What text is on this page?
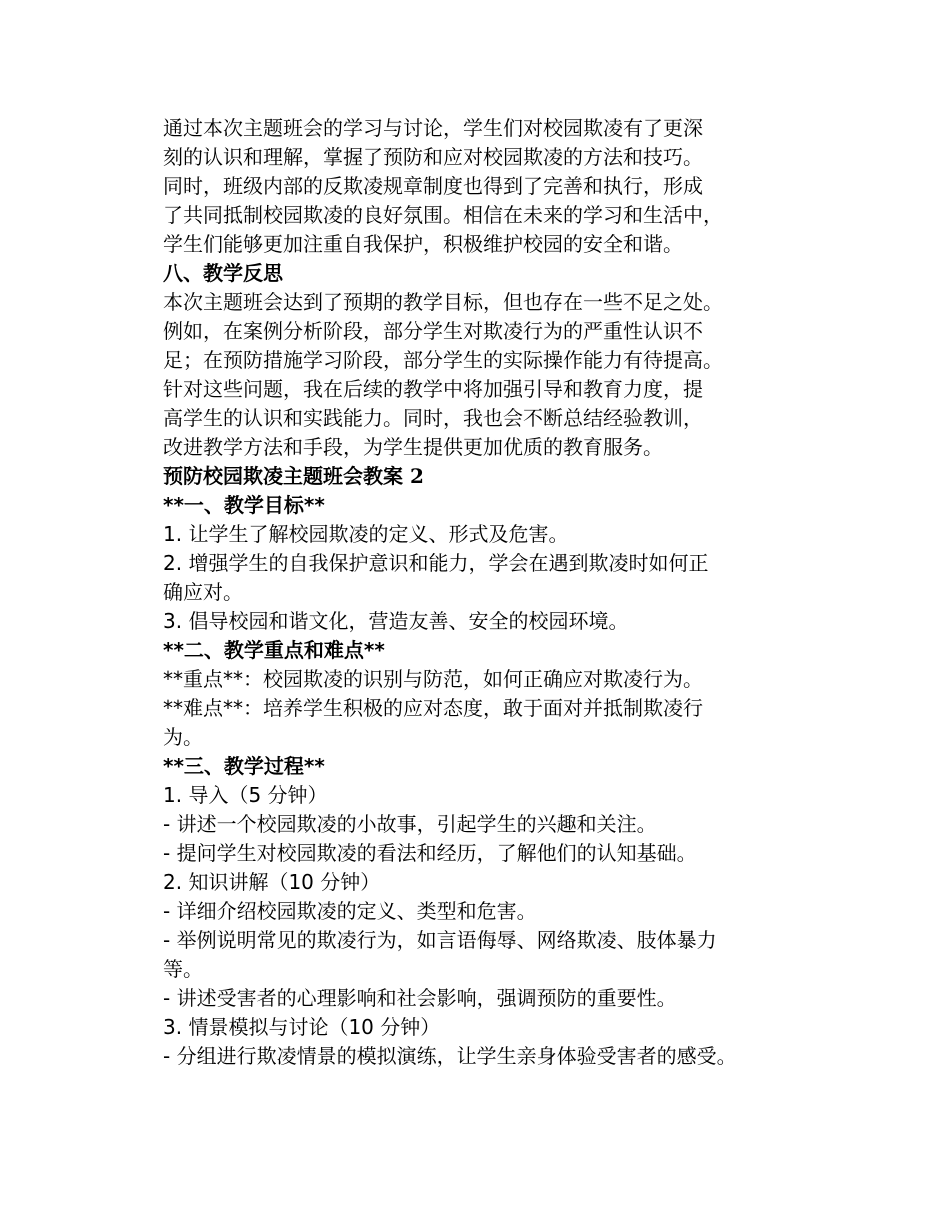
通过本次主题班会的学习与讨论，学生们对校园欺凌有了更深
刻的认识和理解，掌握了预防和应对校园欺凌的方法和技巧。
同时，班级内部的反欺凌规章制度也得到了完善和执行，形成
了共同抵制校园欺凌的良好氛围。相信在未来的学习和生活中，
学生们能够更加注重自我保护，积极维护校园的安全和谐。
八、教学反思
本次主题班会达到了预期的教学目标，但也存在一些不足之处。
例如，在案例分析阶段，部分学生对欺凌行为的严重性认识不
足；在预防措施学习阶段，部分学生的实际操作能力有待提高。
针对这些问题，我在后续的教学中将加强引导和教育力度，提
高学生的认识和实践能力。同时，我也会不断总结经验教训，
改进教学方法和手段，为学生提供更加优质的教育服务。
预防校园欺凌主题班会教案 2
**一、教学目标**
1. 让学生了解校园欺凌的定义、形式及危害。
2. 增强学生的自我保护意识和能力，学会在遇到欺凌时如何正
确应对。
3. 倡导校园和谐文化，营造友善、安全的校园环境。
**二、教学重点和难点**
**重点**：校园欺凌的识别与防范，如何正确应对欺凌行为。
**难点**：培养学生积极的应对态度，敢于面对并抵制欺凌行
为。
**三、教学过程**
1. 导入（5 分钟）
- 讲述一个校园欺凌的小故事，引起学生的兴趣和关注。
- 提问学生对校园欺凌的看法和经历，了解他们的认知基础。
2. 知识讲解（10 分钟）
- 详细介绍校园欺凌的定义、类型和危害。
- 举例说明常见的欺凌行为，如言语侮辱、网络欺凌、肢体暴力
等。
- 讲述受害者的心理影响和社会影响，强调预防的重要性。
3. 情景模拟与讨论（10 分钟）
- 分组进行欺凌情景的模拟演练，让学生亲身体验受害者的感受。
